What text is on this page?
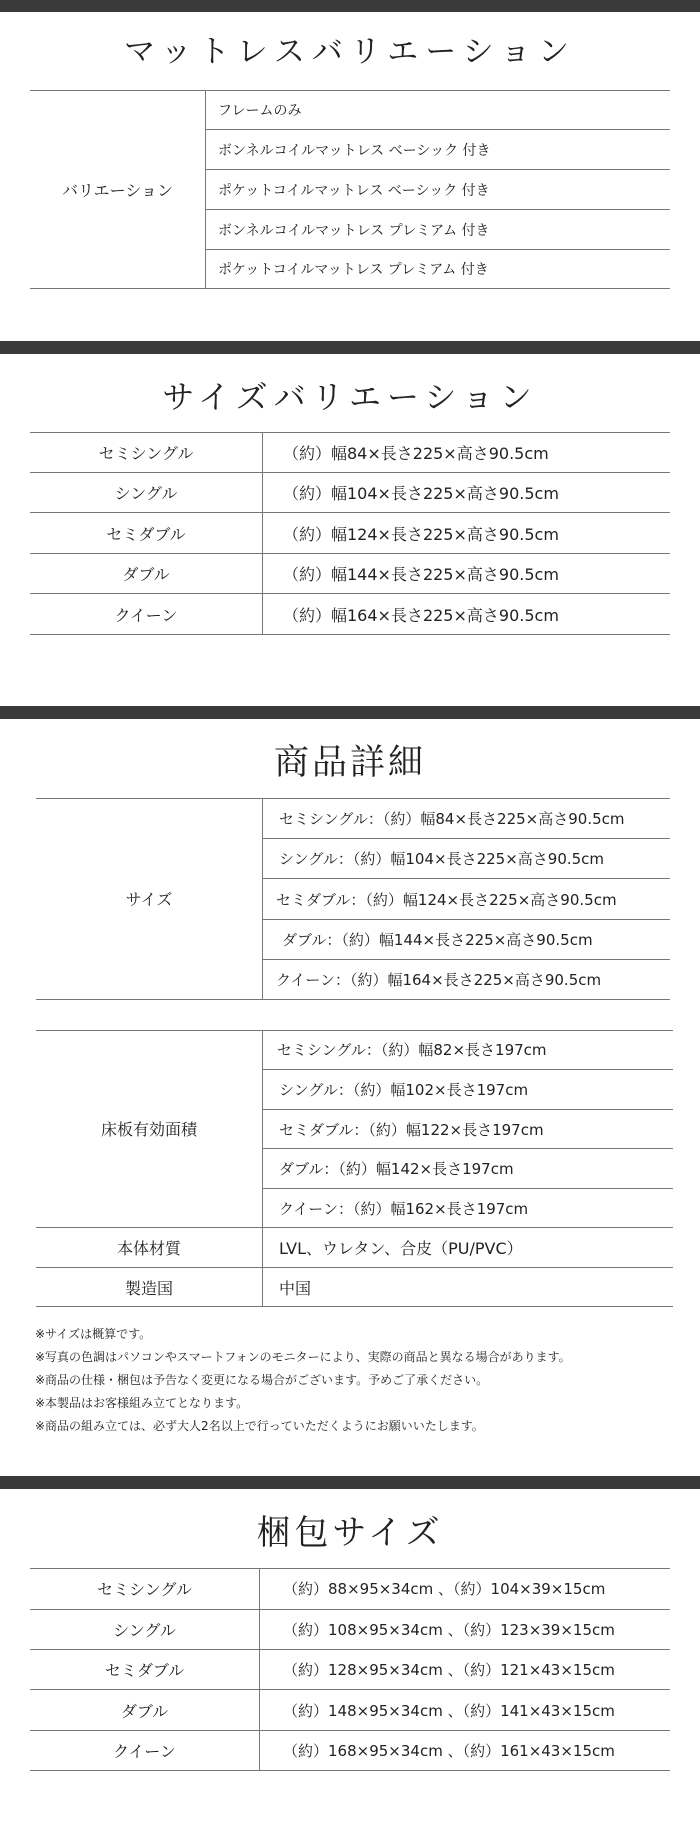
マットレスバリエーション
バリエーション
フレームのみ
ボンネルコイルマットレス ベーシック 付き
ポケットコイルマットレス ベーシック 付き
ボンネルコイルマットレス プレミアム 付き
ポケットコイルマットレス プレミアム 付き
サイズバリエーション
セミシングル	（約）幅84×長さ225×高さ90.5cm
シングル	（約）幅104×長さ225×高さ90.5cm
セミダブル	（約）幅124×長さ225×高さ90.5cm
ダブル	（約）幅144×長さ225×高さ90.5cm
クイーン	（約）幅164×長さ225×高さ90.5cm
商品詳細
サイズ
セミシングル：（約）幅84×長さ225×高さ90.5cm
シングル：（約）幅104×長さ225×高さ90.5cm
セミダブル：（約）幅124×長さ225×高さ90.5cm
ダブル：（約）幅144×長さ225×高さ90.5cm
クイーン：（約）幅164×長さ225×高さ90.5cm
床板有効面積
セミシングル：（約）幅82×長さ197cm
シングル：（約）幅102×長さ197cm
セミダブル：（約）幅122×長さ197cm
ダブル：（約）幅142×長さ197cm
クイーン：（約）幅162×長さ197cm
本体材質	LVL、ウレタン、合皮（PU/PVC）
製造国	中国
※サイズは概算です。
※写真の色調はパソコンやスマートフォンのモニターにより、実際の商品と異なる場合があります。
※商品の仕様・梱包は予告なく変更になる場合がございます。予めご了承ください。
※本製品はお客様組み立てとなります。
※商品の組み立ては、必ず大人2名以上で行っていただくようにお願いいたします。
梱包サイズ
セミシングル	（約）88×95×34cm 、（約）104×39×15cm
シングル	（約）108×95×34cm 、（約）123×39×15cm
セミダブル	（約）128×95×34cm 、（約）121×43×15cm
ダブル	（約）148×95×34cm 、（約）141×43×15cm
クイーン	（約）168×95×34cm 、（約）161×43×15cm
